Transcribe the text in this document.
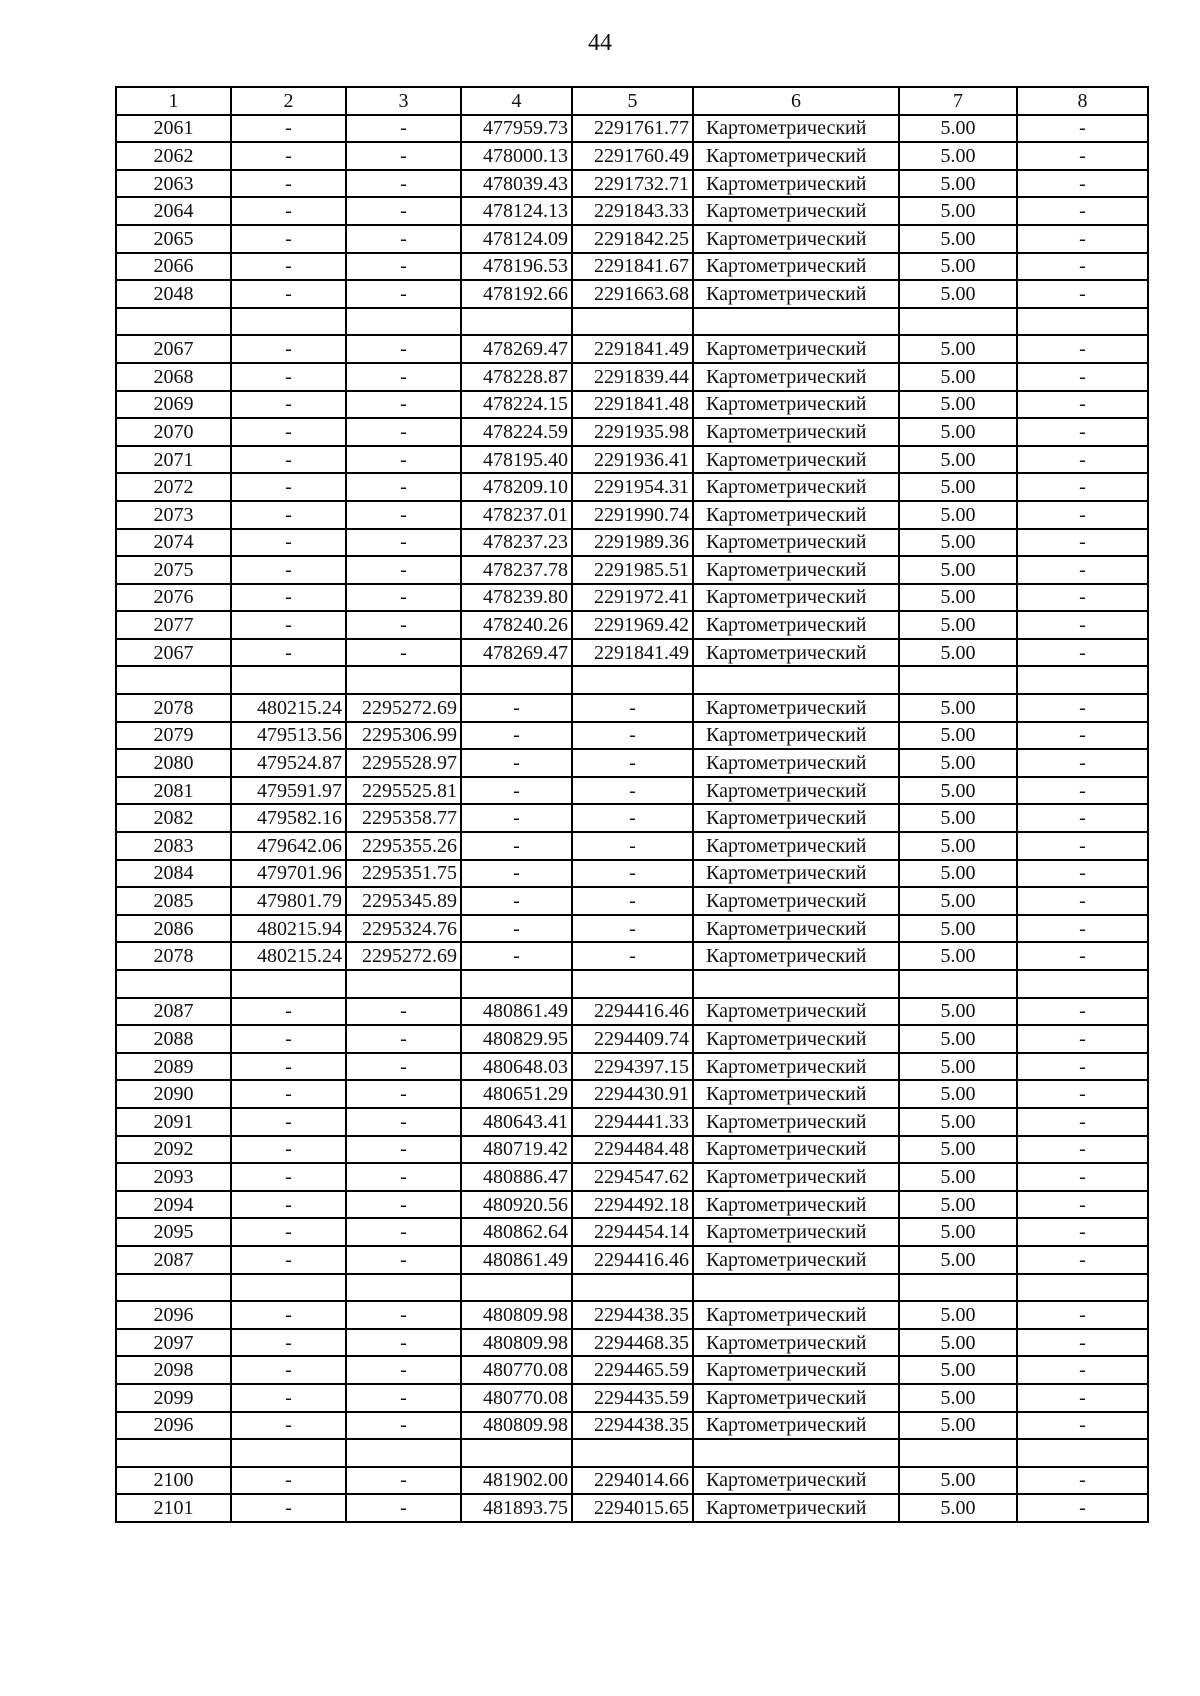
44
1	2	3	4	5	6	7	8
2061	-	-	477959.73	2291761.77	Картометрический	5.00	-
2062	-	-	478000.13	2291760.49	Картометрический	5.00	-
2063	-	-	478039.43	2291732.71	Картометрический	5.00	-
2064	-	-	478124.13	2291843.33	Картометрический	5.00	-
2065	-	-	478124.09	2291842.25	Картометрический	5.00	-
2066	-	-	478196.53	2291841.67	Картометрический	5.00	-
2048	-	-	478192.66	2291663.68	Картометрический	5.00	-

2067	-	-	478269.47	2291841.49	Картометрический	5.00	-
2068	-	-	478228.87	2291839.44	Картометрический	5.00	-
2069	-	-	478224.15	2291841.48	Картометрический	5.00	-
2070	-	-	478224.59	2291935.98	Картометрический	5.00	-
2071	-	-	478195.40	2291936.41	Картометрический	5.00	-
2072	-	-	478209.10	2291954.31	Картометрический	5.00	-
2073	-	-	478237.01	2291990.74	Картометрический	5.00	-
2074	-	-	478237.23	2291989.36	Картометрический	5.00	-
2075	-	-	478237.78	2291985.51	Картометрический	5.00	-
2076	-	-	478239.80	2291972.41	Картометрический	5.00	-
2077	-	-	478240.26	2291969.42	Картометрический	5.00	-
2067	-	-	478269.47	2291841.49	Картометрический	5.00	-

2078	480215.24	2295272.69	-	-	Картометрический	5.00	-
2079	479513.56	2295306.99	-	-	Картометрический	5.00	-
2080	479524.87	2295528.97	-	-	Картометрический	5.00	-
2081	479591.97	2295525.81	-	-	Картометрический	5.00	-
2082	479582.16	2295358.77	-	-	Картометрический	5.00	-
2083	479642.06	2295355.26	-	-	Картометрический	5.00	-
2084	479701.96	2295351.75	-	-	Картометрический	5.00	-
2085	479801.79	2295345.89	-	-	Картометрический	5.00	-
2086	480215.94	2295324.76	-	-	Картометрический	5.00	-
2078	480215.24	2295272.69	-	-	Картометрический	5.00	-

2087	-	-	480861.49	2294416.46	Картометрический	5.00	-
2088	-	-	480829.95	2294409.74	Картометрический	5.00	-
2089	-	-	480648.03	2294397.15	Картометрический	5.00	-
2090	-	-	480651.29	2294430.91	Картометрический	5.00	-
2091	-	-	480643.41	2294441.33	Картометрический	5.00	-
2092	-	-	480719.42	2294484.48	Картометрический	5.00	-
2093	-	-	480886.47	2294547.62	Картометрический	5.00	-
2094	-	-	480920.56	2294492.18	Картометрический	5.00	-
2095	-	-	480862.64	2294454.14	Картометрический	5.00	-
2087	-	-	480861.49	2294416.46	Картометрический	5.00	-

2096	-	-	480809.98	2294438.35	Картометрический	5.00	-
2097	-	-	480809.98	2294468.35	Картометрический	5.00	-
2098	-	-	480770.08	2294465.59	Картометрический	5.00	-
2099	-	-	480770.08	2294435.59	Картометрический	5.00	-
2096	-	-	480809.98	2294438.35	Картометрический	5.00	-

2100	-	-	481902.00	2294014.66	Картометрический	5.00	-
2101	-	-	481893.75	2294015.65	Картометрический	5.00	-
